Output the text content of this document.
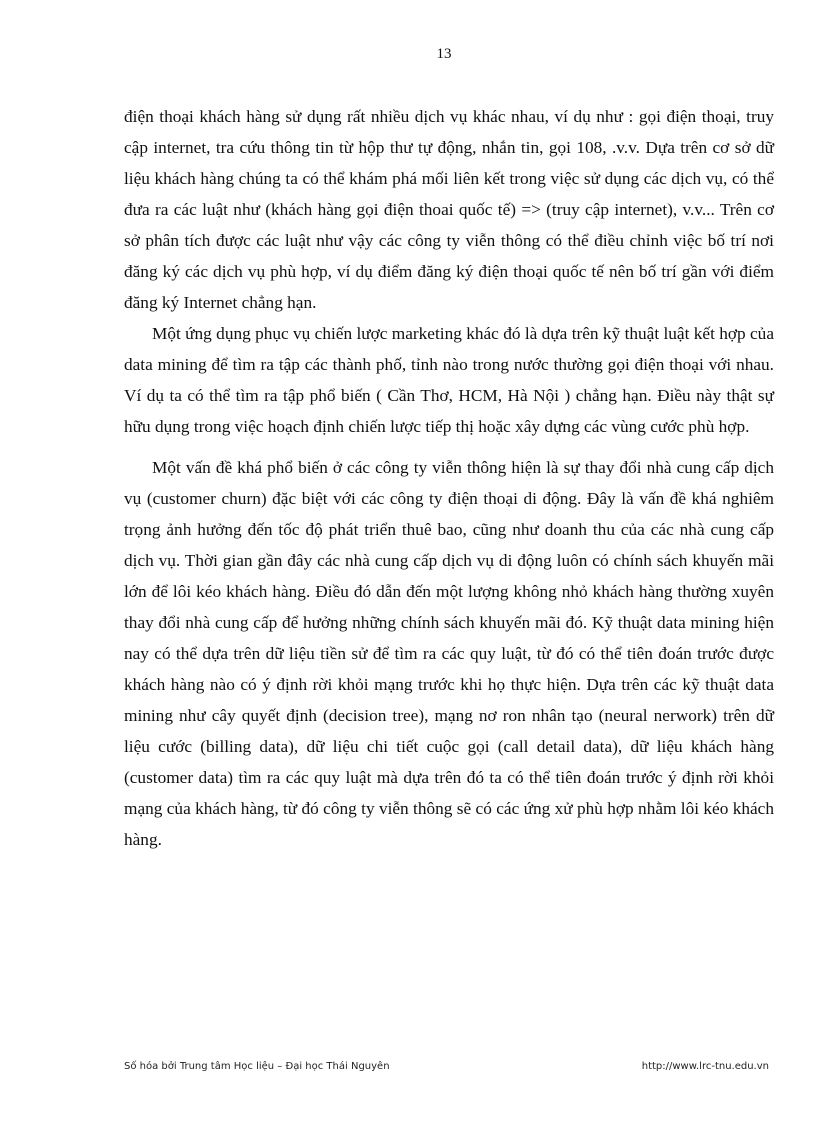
13

điện thoại khách hàng sử dụng rất nhiều dịch vụ khác nhau, ví dụ như : gọi điện thoại, truy cập internet, tra cứu thông tin từ hộp thư tự động, nhắn tin, gọi 108, .v.v. Dựa trên cơ sở dữ liệu khách hàng chúng ta có thể khám phá mối liên kết trong việc sử dụng các dịch vụ, có thể đưa ra các luật như (khách hàng gọi điện thoai quốc tế) => (truy cập internet), v.v... Trên cơ sở phân tích được các luật như vậy các công ty viễn thông có thể điều chỉnh việc bố trí nơi đăng ký các dịch vụ phù hợp, ví dụ điểm đăng ký điện thoại quốc tế nên bố trí gần với điểm đăng ký Internet chẳng hạn.

Một ứng dụng phục vụ chiến lược marketing khác đó là dựa trên kỹ thuật luật kết hợp của data mining để tìm ra tập các thành phố, tỉnh nào trong nước thường gọi điện thoại với nhau. Ví dụ ta có thể tìm ra tập phổ biến ( Cần Thơ, HCM, Hà Nội ) chẳng hạn. Điều này thật sự hữu dụng trong việc hoạch định chiến lược tiếp thị hoặc xây dựng các vùng cước phù hợp.

Một vấn đề khá phổ biến ở các công ty viễn thông hiện là sự thay đổi nhà cung cấp dịch vụ (customer churn) đặc biệt với các công ty điện thoại di động. Đây là vấn đề khá nghiêm trọng ảnh hưởng đến tốc độ phát triển thuê bao, cũng như doanh thu của các nhà cung cấp dịch vụ. Thời gian gần đây các nhà cung cấp dịch vụ di động luôn có chính sách khuyến mãi lớn để lôi kéo khách hàng. Điều đó dẫn đến một lượng không nhỏ khách hàng thường xuyên thay đổi nhà cung cấp để hưởng những chính sách khuyến mãi đó. Kỹ thuật data mining hiện nay có thể dựa trên dữ liệu tiền sử để tìm ra các quy luật, từ đó có thể tiên đoán trước được khách hàng nào có ý định rời khỏi mạng trước khi họ thực hiện. Dựa trên các kỹ thuật data mining như cây quyết định (decision tree), mạng nơ ron nhân tạo (neural nerwork) trên dữ liệu cước (billing data), dữ liệu chi tiết cuộc gọi (call detail data), dữ liệu khách hàng (customer data) tìm ra các quy luật mà dựa trên đó ta có thể tiên đoán trước ý định rời khỏi mạng của khách hàng, từ đó công ty viễn thông sẽ có các ứng xử phù hợp nhằm lôi kéo khách hàng.

Số hóa bởi Trung tâm Học liệu – Đại học Thái Nguyên	http://www.lrc-tnu.edu.vn
